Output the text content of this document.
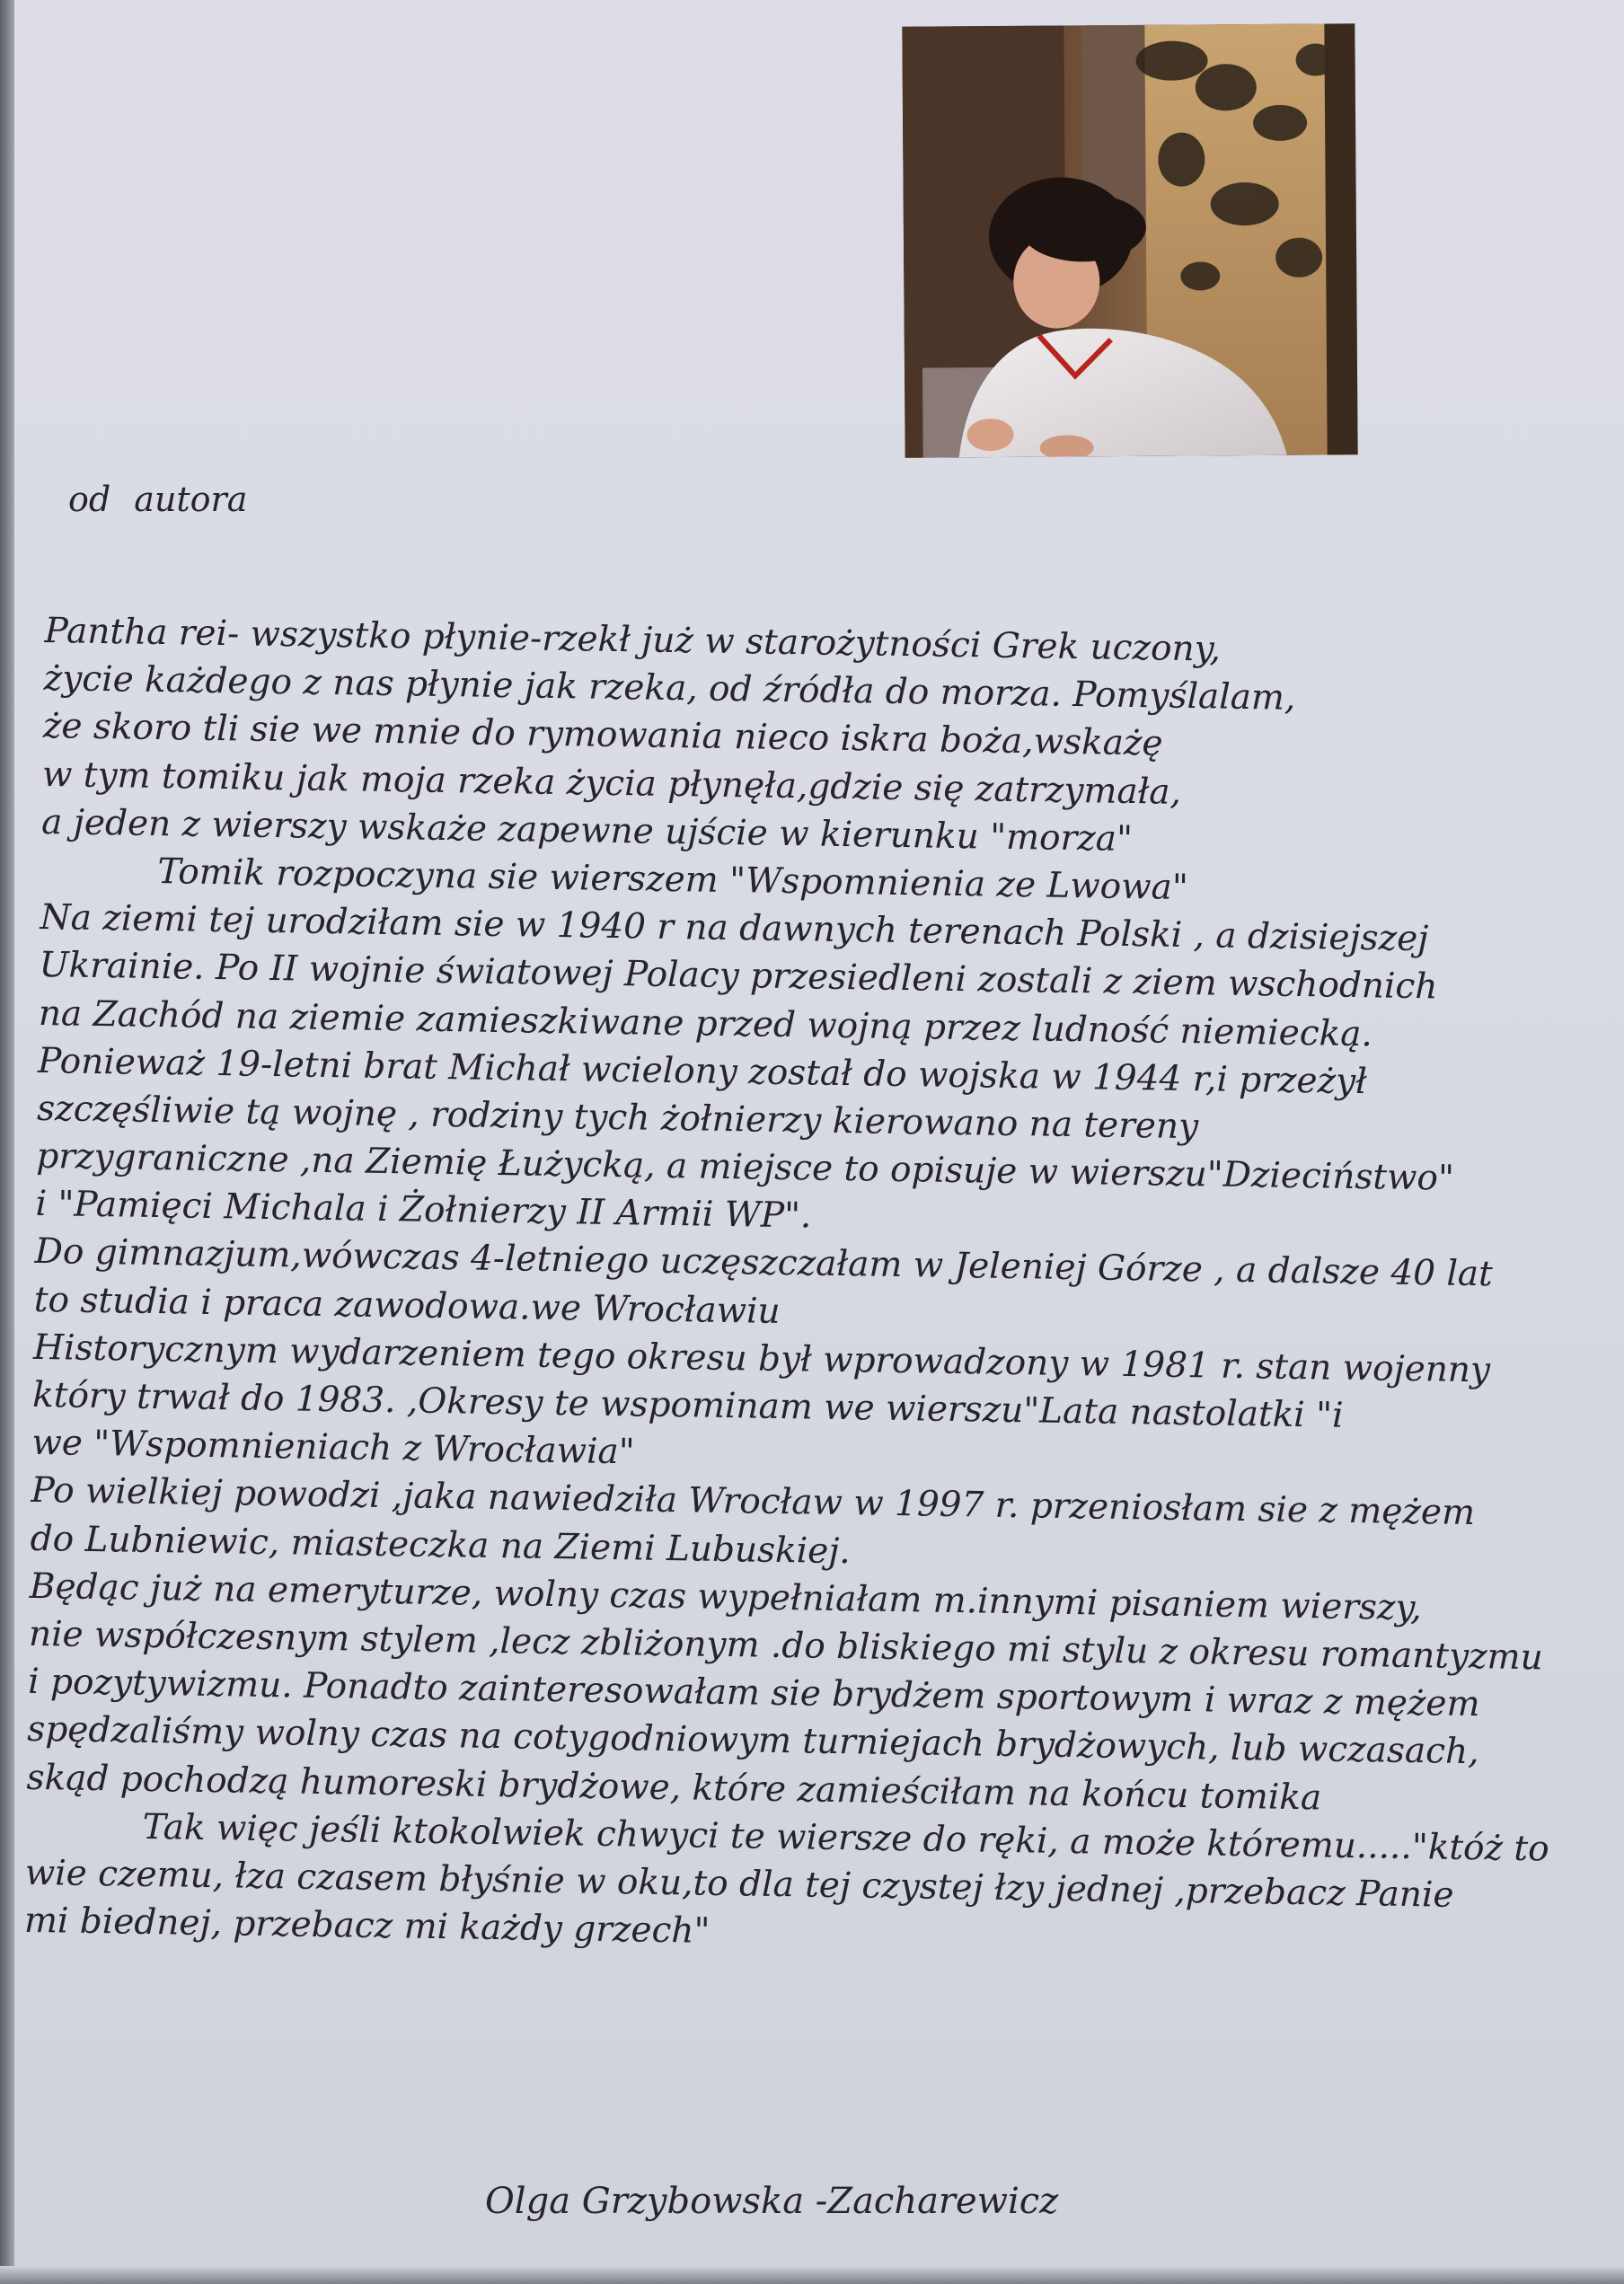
od autora

Pantha rei- wszystko płynie-rzekł już w starożytności Grek uczony,
życie każdego z nas płynie jak rzeka, od źródła do morza. Pomyślalam,
że skoro tli sie we mnie do rymowania nieco iskra boża,wskażę
w tym tomiku jak moja rzeka życia płynęła,gdzie się zatrzymała,
a jeden z wierszy wskaże zapewne ujście w kierunku "morza"
Tomik rozpoczyna sie wierszem "Wspomnienia ze Lwowa"
Na ziemi tej urodziłam sie w 1940 r na dawnych terenach Polski , a dzisiejszej
Ukrainie. Po II wojnie światowej Polacy przesiedleni zostali z ziem wschodnich
na Zachód na ziemie zamieszkiwane przed wojną przez ludność niemiecką.
Ponieważ 19-letni brat Michał wcielony został do wojska w 1944 r,i przeżył
szczęśliwie tą wojnę , rodziny tych żołnierzy kierowano na tereny
przygraniczne ,na Ziemię Łużycką, a miejsce to opisuje w wierszu"Dzieciństwo"
i "Pamięci Michala i Żołnierzy II Armii WP".
Do gimnazjum,wówczas 4-letniego uczęszczałam w Jeleniej Górze , a dalsze 40 lat
to studia i praca zawodowa.we Wrocławiu
Historycznym wydarzeniem tego okresu był wprowadzony w 1981 r. stan wojenny
który trwał do 1983. ,Okresy te wspominam we wierszu"Lata nastolatki "i
we "Wspomnieniach z Wrocławia"
Po wielkiej powodzi ,jaka nawiedziła Wrocław w 1997 r. przeniosłam sie z mężem
do Lubniewic, miasteczka na Ziemi Lubuskiej.
Będąc już na emeryturze, wolny czas wypełniałam m.innymi pisaniem wierszy,
nie współczesnym stylem ,lecz zbliżonym .do bliskiego mi stylu z okresu romantyzmu
i pozytywizmu. Ponadto zainteresowałam sie brydżem sportowym i wraz z mężem
spędzaliśmy wolny czas na cotygodniowym turniejach brydżowych, lub wczasach,
skąd pochodzą humoreski brydżowe, które zamieściłam na końcu tomika
Tak więc jeśli ktokolwiek chwyci te wiersze do ręki, a może któremu....."któż to
wie czemu, łza czasem błyśnie w oku,to dla tej czystej łzy jednej ,przebacz Panie
mi biednej, przebacz mi każdy grzech"

Olga Grzybowska -Zacharewicz
